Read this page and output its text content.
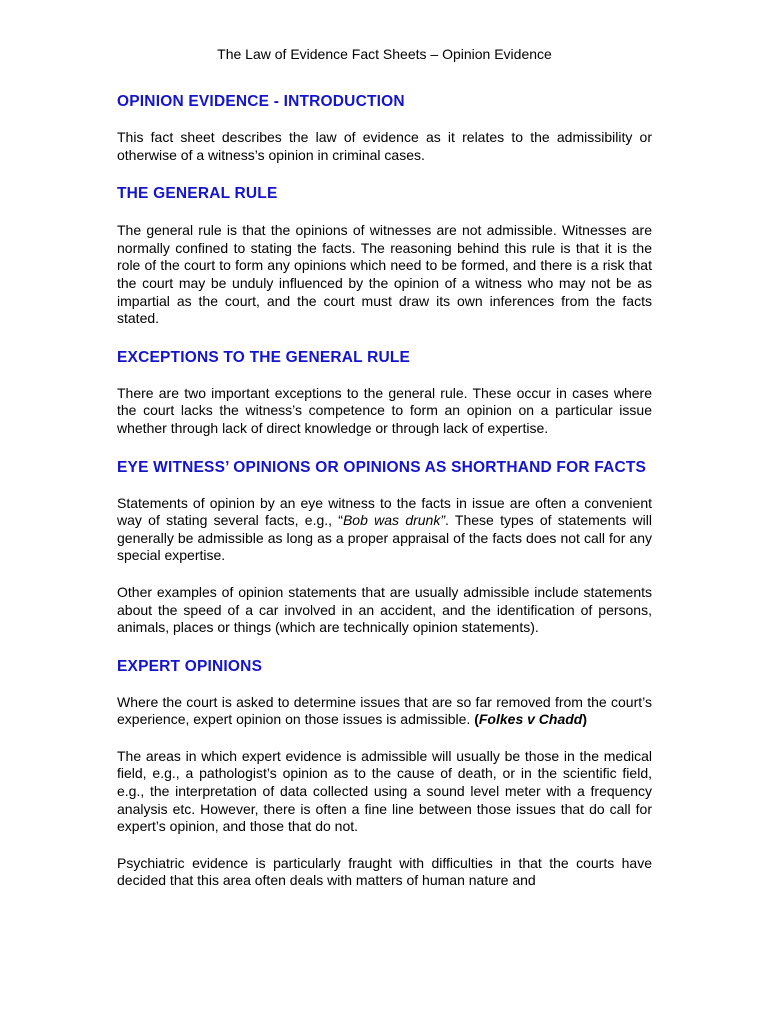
The Law of Evidence Fact Sheets – Opinion Evidence
OPINION EVIDENCE - INTRODUCTION

This fact sheet describes the law of evidence as it relates to the admissibility or otherwise of a witness’s opinion in criminal cases.

THE GENERAL RULE

The general rule is that the opinions of witnesses are not admissible. Witnesses are normally confined to stating the facts. The reasoning behind this rule is that it is the role of the court to form any opinions which need to be formed, and there is a risk that the court may be unduly influenced by the opinion of a witness who may not be as impartial as the court, and the court must draw its own inferences from the facts stated.

EXCEPTIONS TO THE GENERAL RULE

There are two important exceptions to the general rule. These occur in cases where the court lacks the witness’s competence to form an opinion on a particular issue whether through lack of direct knowledge or through lack of expertise.

EYE WITNESS’ OPINIONS OR OPINIONS AS SHORTHAND FOR FACTS

Statements of opinion by an eye witness to the facts in issue are often a convenient way of stating several facts, e.g., “Bob was drunk”. These types of statements will generally be admissible as long as a proper appraisal of the facts does not call for any special expertise.

Other examples of opinion statements that are usually admissible include statements about the speed of a car involved in an accident, and the identification of persons, animals, places or things (which are technically opinion statements).

EXPERT OPINIONS

Where the court is asked to determine issues that are so far removed from the court’s experience, expert opinion on those issues is admissible. (Folkes v Chadd)

The areas in which expert evidence is admissible will usually be those in the medical field, e.g., a pathologist’s opinion as to the cause of death, or in the scientific field, e.g., the interpretation of data collected using a sound level meter with a frequency analysis etc. However, there is often a fine line between those issues that do call for expert’s opinion, and those that do not.

Psychiatric evidence is particularly fraught with difficulties in that the courts have decided that this area often deals with matters of human nature and
